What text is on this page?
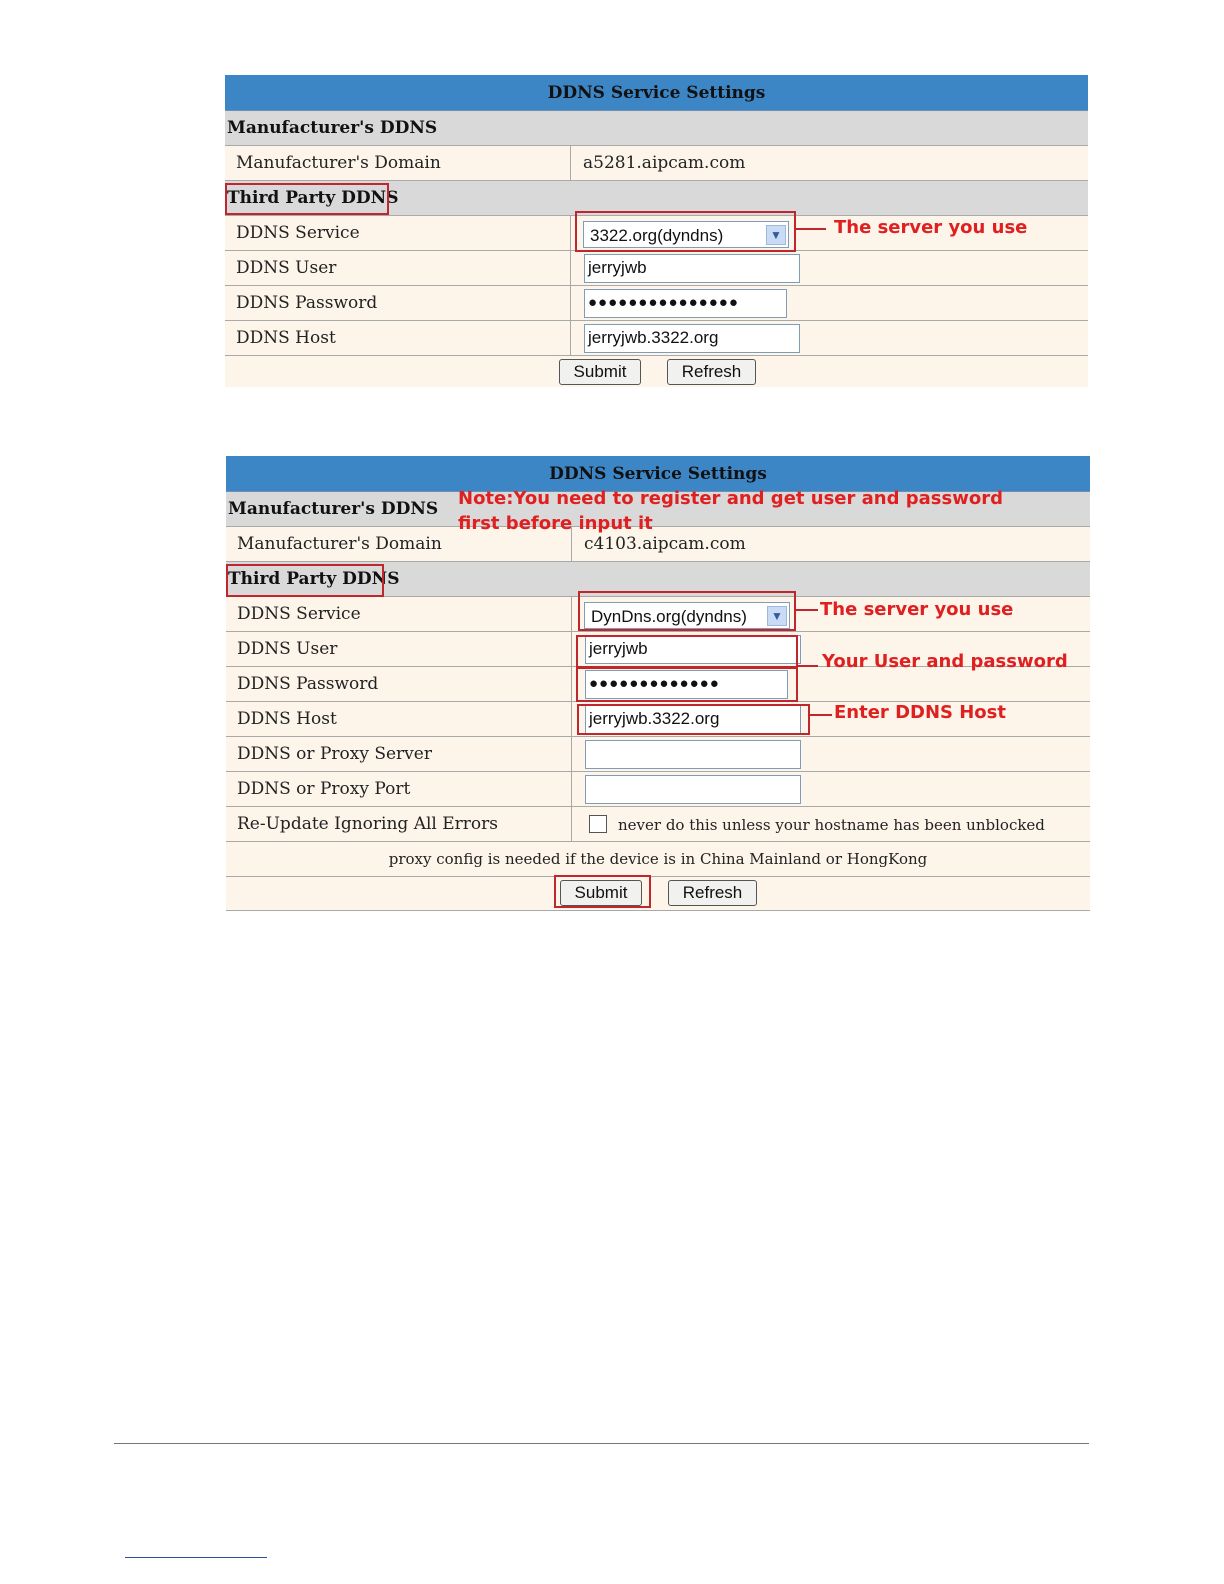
DDNS Service Settings
Manufacturer's DDNS
Manufacturer's Domain	a5281.aipcam.com
Third Party DDNS
DDNS Service	3322.org(dyndns)	▼
DDNS User	jerryjwb
DDNS Password	●●●●●●●●●●●●●●●
DDNS Host	jerryjwb.3322.org
Submit	Refresh
The server you use
DDNS Service Settings
Manufacturer's DDNS
Manufacturer's Domain	c4103.aipcam.com
Third Party DDNS
DDNS Service	DynDns.org(dyndns)	▼
DDNS User	jerryjwb
DDNS Password	●●●●●●●●●●●●●
DDNS Host	jerryjwb.3322.org
DDNS or Proxy Server
DDNS or Proxy Port
Re-Update Ignoring All Errors	never do this unless your hostname has been unblocked
proxy config is needed if the device is in China Mainland or HongKong
Submit	Refresh
Note:You need to register and get user and password
first before input it
The server you use
Your User and password
Enter DDNS Host
